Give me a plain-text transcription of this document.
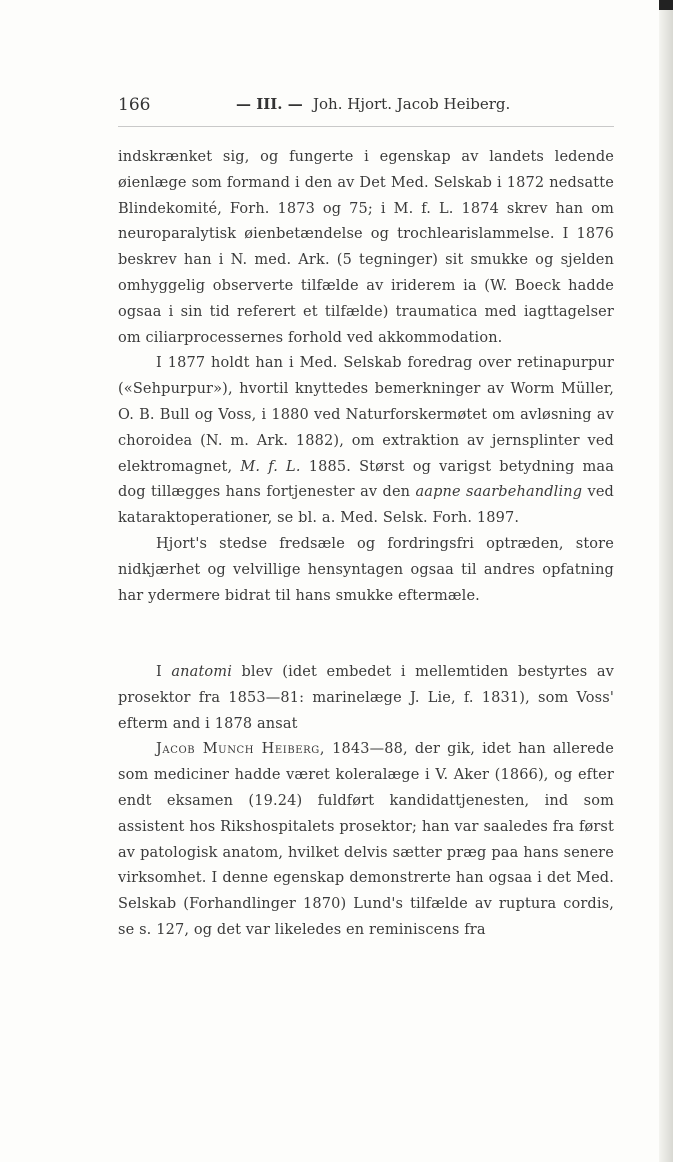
166	— III. — Joh. Hjort. Jacob Heiberg.

indskrænket sig, og fungerte i egenskap av landets ledende øienlæge som formand i den av Det Med. Selskab i 1872 nedsatte Blindekomité, Forh. 1873 og 75; i M. f. L. 1874 skrev han om neuroparalytisk øienbetændelse og trochlearislammelse. I 1876 beskrev han i N. med. Ark. (5 tegninger) sit smukke og sjelden omhyggelig observerte tilfælde av iriderem ia (W. Boeck hadde ogsaa i sin tid referert et tilfælde) traumatica med iagttagelser om ciliarprocessernes forhold ved akkommodation.

I 1877 holdt han i Med. Selskab foredrag over retinapurpur («Sehpurpur»), hvortil knyttedes bemerkninger av Worm Müller, O. B. Bull og Voss, i 1880 ved Naturforskermøtet om avløsning av choroidea (N. m. Ark. 1882), om extraktion av jernsplinter ved elektromagnet, M. f. L. 1885. Størst og varigst betydning maa dog tillægges hans fortjenester av den aapne saarbehandling ved kataraktoperationer, se bl. a. Med. Selsk. Forh. 1897.

Hjort's stedse fredsæle og fordringsfri optræden, store nidkjærhet og velvillige hensyntagen ogsaa til andres opfatning har ydermere bidrat til hans smukke eftermæle.

I anatomi blev (idet embedet i mellemtiden bestyrtes av prosektor fra 1853—81: marinelæge J. Lie, f. 1831), som Voss' efterm and i 1878 ansat

Jacob Munch Heiberg, 1843—88, der gik, idet han allerede som mediciner hadde været koleralæge i V. Aker (1866), og efter endt eksamen (19.24) fuldført kandidattjenesten, ind som assistent hos Rikshospitalets prosektor; han var saaledes fra først av patologisk anatom, hvilket delvis sætter præg paa hans senere virksomhet. I denne egenskap demonstrerte han ogsaa i det Med. Selskab (Forhandlinger 1870) Lund's tilfælde av ruptura cordis, se s. 127, og det var likeledes en reminiscens fra
